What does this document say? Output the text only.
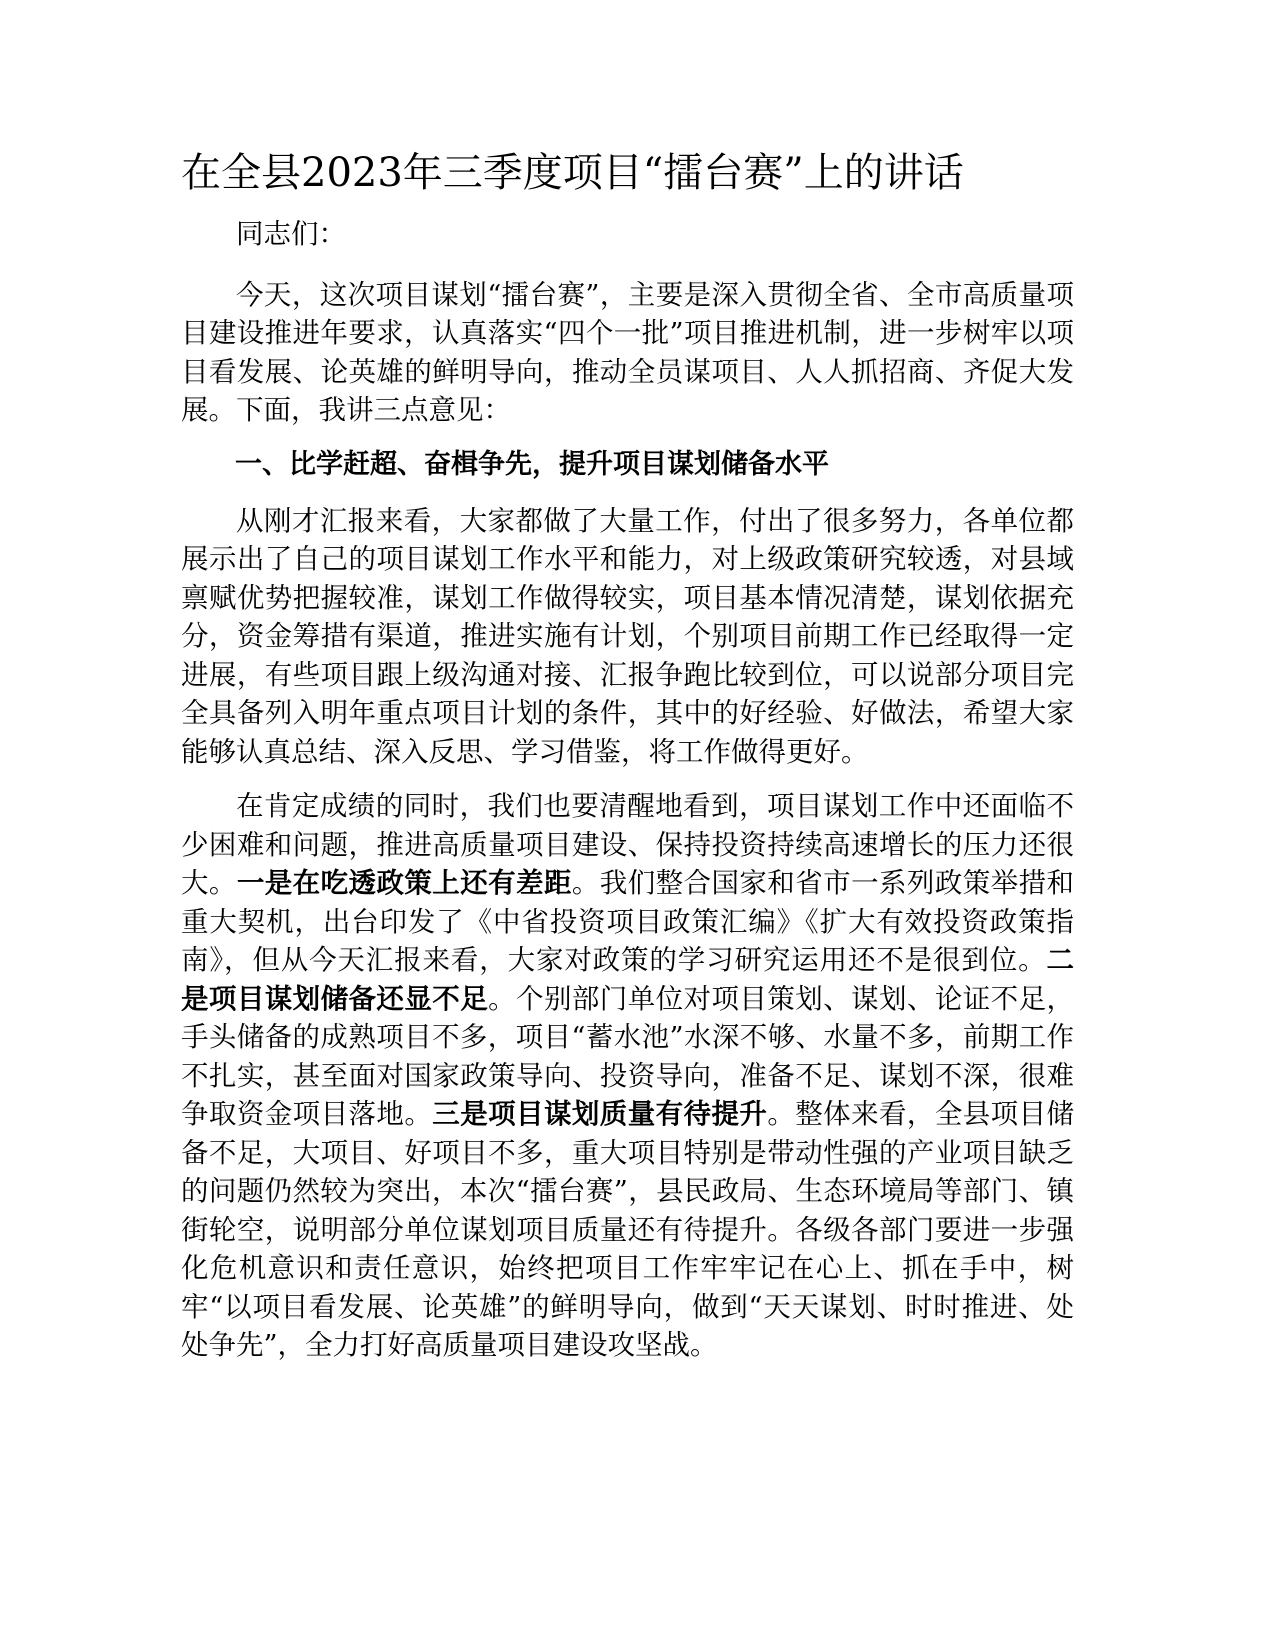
在全县2023年三季度项目“擂台赛”上的讲话

同志们：

今天，这次项目谋划“擂台赛”，主要是深入贯彻全省、全市高质量项目建设推进年要求，认真落实“四个一批”项目推进机制，进一步树牢以项目看发展、论英雄的鲜明导向，推动全员谋项目、人人抓招商、齐促大发展。下面，我讲三点意见：

一、比学赶超、奋楫争先，提升项目谋划储备水平

从刚才汇报来看，大家都做了大量工作，付出了很多努力，各单位都展示出了自己的项目谋划工作水平和能力，对上级政策研究较透，对县域禀赋优势把握较准，谋划工作做得较实，项目基本情况清楚，谋划依据充分，资金筹措有渠道，推进实施有计划，个别项目前期工作已经取得一定进展，有些项目跟上级沟通对接、汇报争跑比较到位，可以说部分项目完全具备列入明年重点项目计划的条件，其中的好经验、好做法，希望大家能够认真总结、深入反思、学习借鉴，将工作做得更好。

在肯定成绩的同时，我们也要清醒地看到，项目谋划工作中还面临不少困难和问题，推进高质量项目建设、保持投资持续高速增长的压力还很大。一是在吃透政策上还有差距。我们整合国家和省市一系列政策举措和重大契机，出台印发了《中省投资项目政策汇编》《扩大有效投资政策指南》，但从今天汇报来看，大家对政策的学习研究运用还不是很到位。二是项目谋划储备还显不足。个别部门单位对项目策划、谋划、论证不足，手头储备的成熟项目不多，项目“蓄水池”水深不够、水量不多，前期工作不扎实，甚至面对国家政策导向、投资导向，准备不足、谋划不深，很难争取资金项目落地。三是项目谋划质量有待提升。整体来看，全县项目储备不足，大项目、好项目不多，重大项目特别是带动性强的产业项目缺乏的问题仍然较为突出，本次“擂台赛”，县民政局、生态环境局等部门、镇街轮空，说明部分单位谋划项目质量还有待提升。各级各部门要进一步强化危机意识和责任意识，始终把项目工作牢牢记在心上、抓在手中，树牢“以项目看发展、论英雄”的鲜明导向，做到“天天谋划、时时推进、处处争先”，全力打好高质量项目建设攻坚战。
